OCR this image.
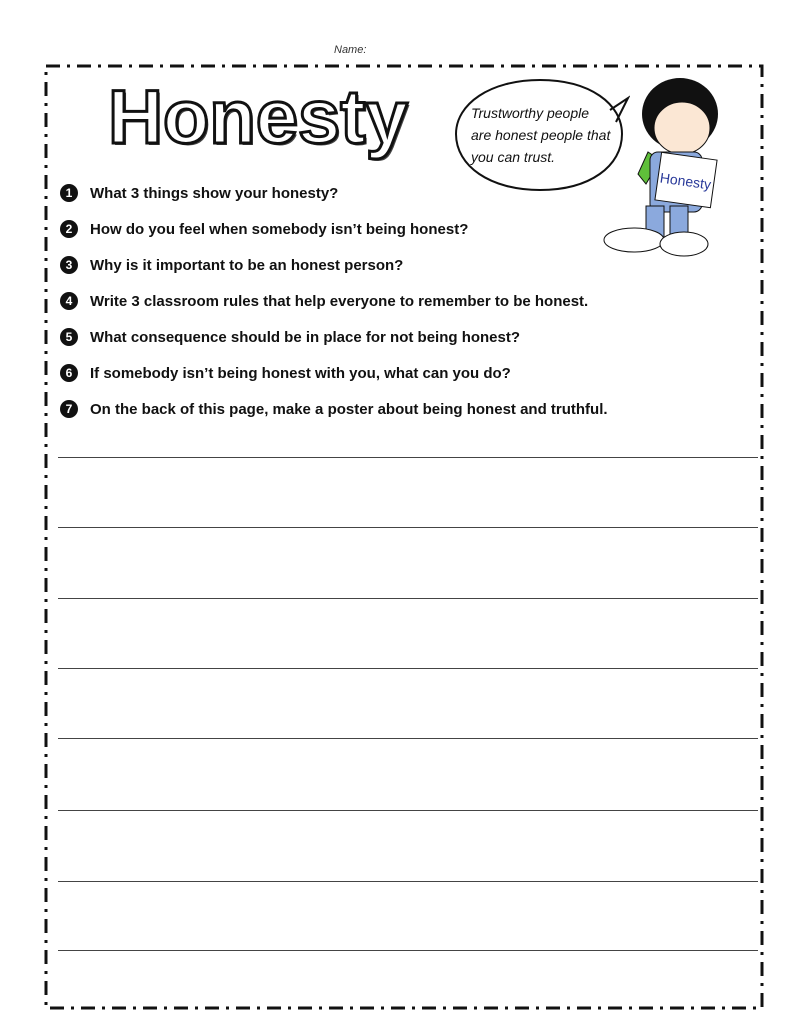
Name:
Honesty	Trustworthy people are honest people that you can trust.
Honesty
1	What 3 things show your honesty?
2	How do you feel when somebody isn’t being honest?
3	Why is it important to be an honest person?
4	Write 3 classroom rules that help everyone to remember to be honest.
5	What consequence should be in place for not being honest?
6	If somebody isn’t being honest with you, what can you do?
7	On the back of this page, make a poster about being honest and truthful.
